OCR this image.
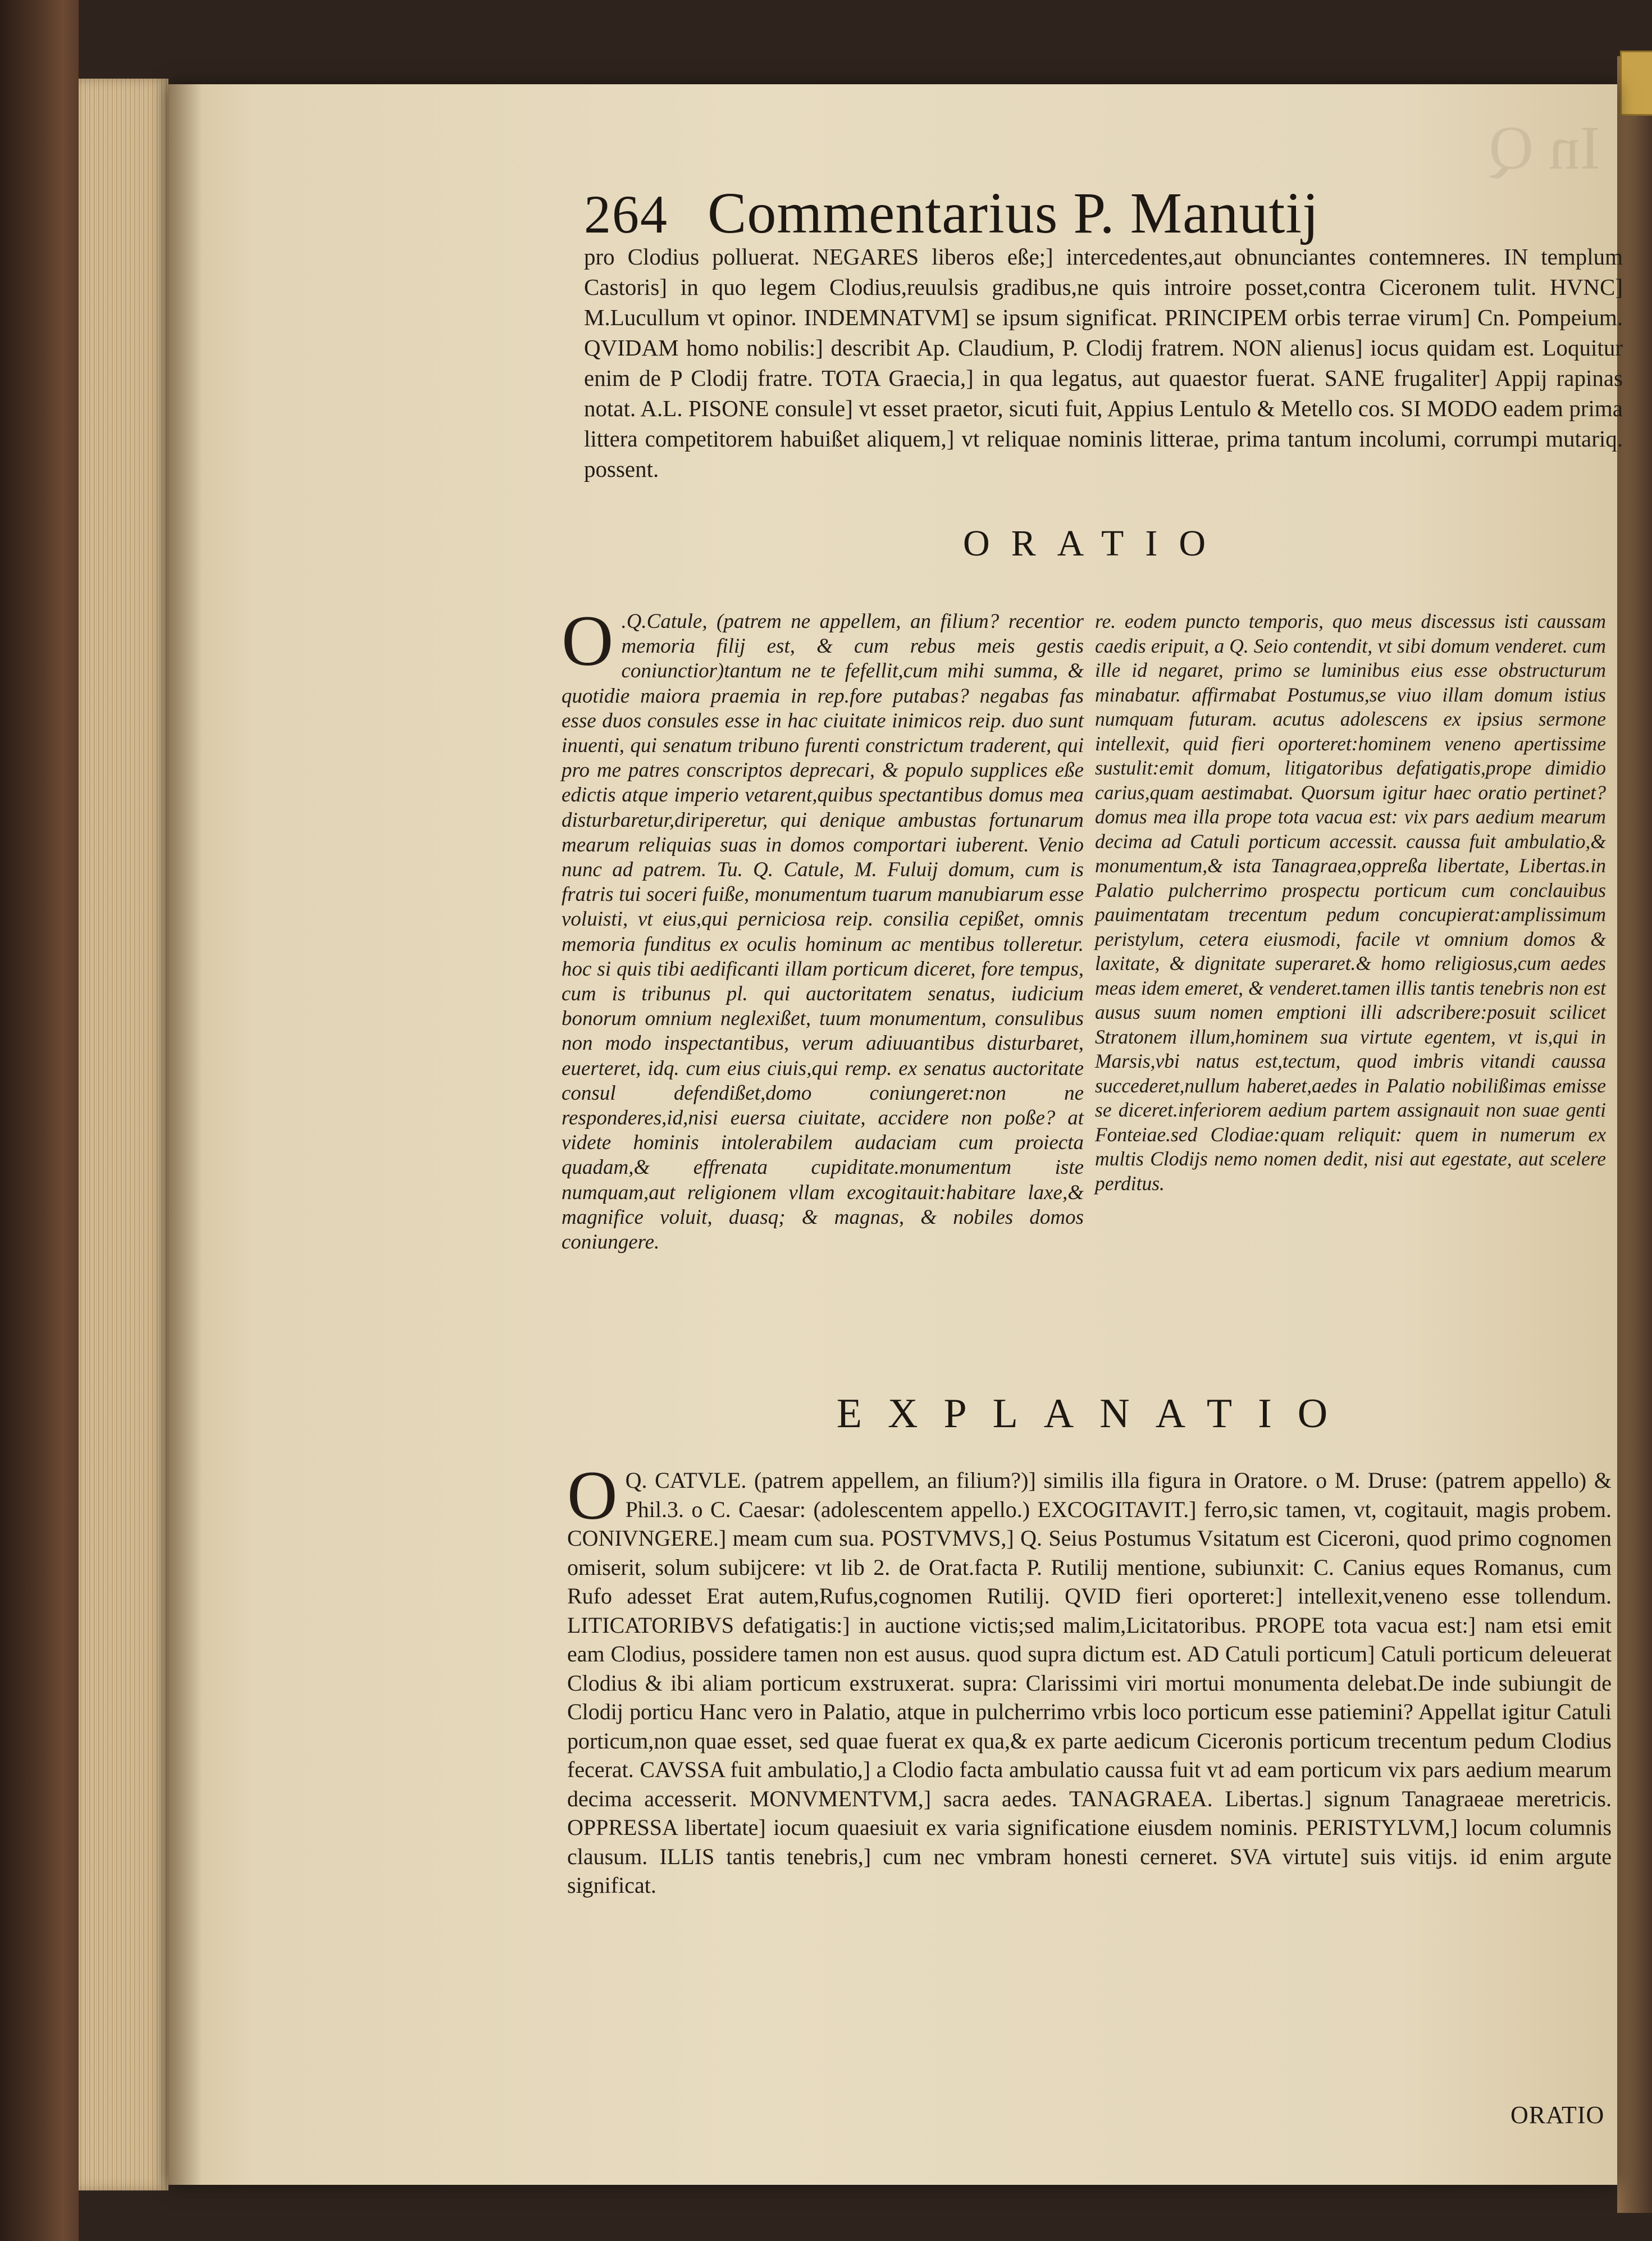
In Q
264 Commentarius P. Manutij

pro Clodius polluerat. NEGARES liberos eße;] intercedentes,aut obnunciantes contemneres. IN templum Castoris] in quo legem Clodius,reuulsis gradibus,ne quis introire posset,contra Ciceronem tulit. HVNC] M.Lucullum vt opinor. INDEMNATVM] se ipsum significat. PRINCIPEM orbis terrae virum] Cn. Pompeium. QVIDAM homo nobilis:] describit Ap. Claudium, P. Clodij fratrem. NON alienus] iocus quidam est. Loquitur enim de P Clodij fratre. TOTA Graecia,] in qua legatus, aut quaestor fuerat. SANE frugaliter] Appij rapinas notat. A.L. PISONE consule] vt esset praetor, sicuti fuit, Appius Lentulo & Metello cos. SI MODO eadem prima littera competitorem habuißet aliquem,] vt reliquae nominis litterae, prima tantum incolumi, corrumpi mutariq. possent.

ORATIO
O .Q.Catule, (patrem ne appellem, an filium? recentior memoria filij est, & cum rebus meis gestis coniunctior)tantum ne te fefellit,cum mihi summa, & quotidie maiora praemia in rep.fore putabas? negabas fas esse duos consules esse in hac ciuitate inimicos reip. duo sunt inuenti, qui senatum tribuno furenti constrictum traderent, qui pro me patres conscriptos deprecari, & populo supplices eße edictis atque imperio vetarent,quibus spectantibus domus mea disturbaretur,diriperetur, qui denique ambustas fortunarum mearum reliquias suas in domos comportari iuberent. Venio nunc ad patrem. Tu. Q. Catule, M. Fuluij domum, cum is fratris tui soceri fuiße, monumentum tuarum manubiarum esse voluisti, vt eius,qui perniciosa reip. consilia cepißet, omnis memoria funditus ex oculis hominum ac mentibus tolleretur. hoc si quis tibi aedificanti illam porticum diceret, fore tempus, cum is tribunus pl. qui auctoritatem senatus, iudicium bonorum omnium neglexißet, tuum monumentum, consulibus non modo inspectantibus, verum adiuuantibus disturbaret, euerteret, idq. cum eius ciuis,qui remp. ex senatus auctoritate consul defendißet,domo coniungeret:non ne responderes,id,nisi euersa ciuitate, accidere non poße? at videte hominis intolerabilem audaciam cum proiecta quadam,& effrenata cupiditate.monumentum iste numquam,aut religionem vllam excogitauit:habitare laxe,& magnifice voluit, duasq; & magnas, & nobiles domos coniungere.
re. eodem puncto temporis, quo meus discessus isti caussam caedis eripuit, a Q. Seio contendit, vt sibi domum venderet. cum ille id negaret, primo se luminibus eius esse obstructurum minabatur. affirmabat Postumus,se viuo illam domum istius numquam futuram. acutus adolescens ex ipsius sermone intellexit, quid fieri oporteret:hominem veneno apertissime sustulit:emit domum, litigatoribus defatigatis,prope dimidio carius,quam aestimabat. Quorsum igitur haec oratio pertinet? domus mea illa prope tota vacua est: vix pars aedium mearum decima ad Catuli porticum accessit. caussa fuit ambulatio,& monumentum,& ista Tanagraea,oppreßa libertate, Libertas.in Palatio pulcherrimo prospectu porticum cum conclauibus pauimentatam trecentum pedum concupierat:amplissimum peristylum, cetera eiusmodi, facile vt omnium domos & laxitate, & dignitate superaret.& homo religiosus,cum aedes meas idem emeret, & venderet.tamen illis tantis tenebris non est ausus suum nomen emptioni illi adscribere:posuit scilicet Stratonem illum,hominem sua virtute egentem, vt is,qui in Marsis,vbi natus est,tectum, quod imbris vitandi caussa succederet,nullum haberet,aedes in Palatio nobilißimas emisse se diceret.inferiorem aedium partem assignauit non suae genti Fonteiae.sed Clodiae:quam reliquit: quem in numerum ex multis Clodijs nemo nomen dedit, nisi aut egestate, aut scelere perditus.
EXPLANATIO
O Q. CATVLE. (patrem appellem, an filium?)] similis illa figura in Oratore. o M. Druse: (patrem appello) & Phil.3. o C. Caesar: (adolescentem appello.) EXCOGITAVIT.] ferro,sic tamen, vt, cogitauit, magis probem. CONIVNGERE.] meam cum sua. POSTVMVS,] Q. Seius Postumus Vsitatum est Ciceroni, quod primo cognomen omiserit, solum subijcere: vt lib 2. de Orat.facta P. Rutilij mentione, subiunxit: C. Canius eques Romanus, cum Rufo adesset Erat autem,Rufus,cognomen Rutilij. QVID fieri oporteret:] intellexit,veneno esse tollendum. LITICATORIBVS defatigatis:] in auctione victis;sed malim,Licitatoribus. PROPE tota vacua est:] nam etsi emit eam Clodius, possidere tamen non est ausus. quod supra dictum est. AD Catuli porticum] Catuli porticum deleuerat Clodius & ibi aliam porticum exstruxerat. supra: Clarissimi viri mortui monumenta delebat.De inde subiungit de Clodij porticu Hanc vero in Palatio, atque in pulcherrimo vrbis loco porticum esse patiemini? Appellat igitur Catuli porticum,non quae esset, sed quae fuerat ex qua,& ex parte aedicum Ciceronis porticum trecentum pedum Clodius fecerat. CAVSSA fuit ambulatio,] a Clodio facta ambulatio caussa fuit vt ad eam porticum vix pars aedium mearum decima accesserit. MONVMENTVM,] sacra aedes. TANAGRAEA. Libertas.] signum Tanagraeae meretricis. OPPRESSA libertate] iocum quaesiuit ex varia significatione eiusdem nominis. PERISTYLVM,] locum columnis clausum. ILLIS tantis tenebris,] cum nec vmbram honesti cerneret. SVA virtute] suis vitijs. id enim argute significat.
ORATIO
